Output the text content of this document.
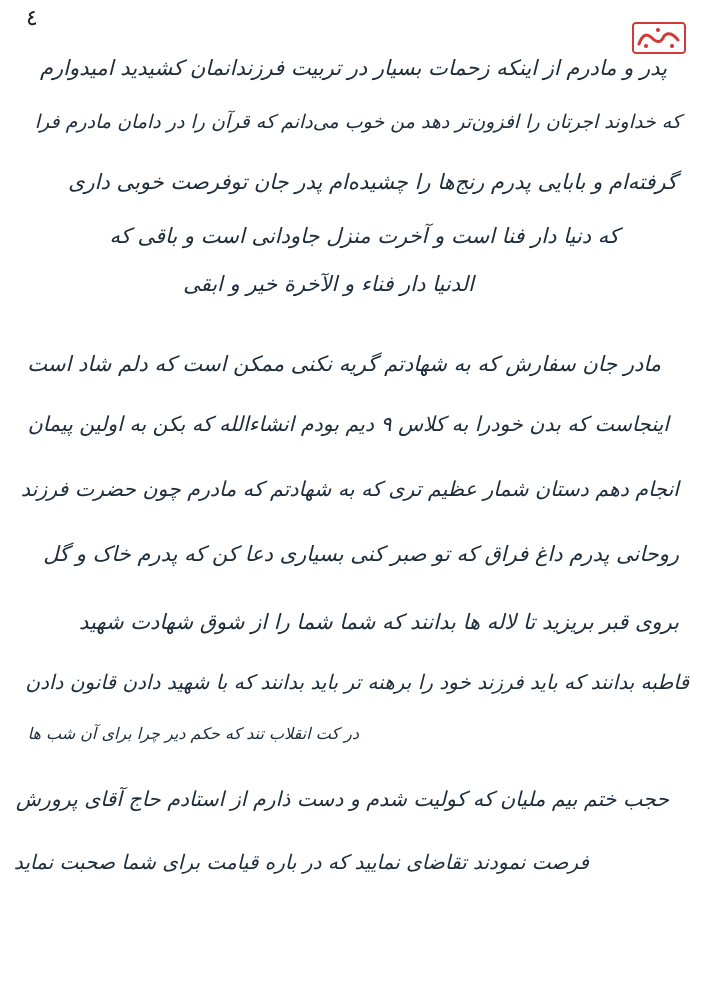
٤
پدر و مادرم از اینکه زحمات بسیار در تربیت فرزندانمان کشیدید امیدوارم
که خداوند اجرتان را افزون‌تر دهد من خوب می‌دانم که قرآن را در دامان مادرم فرا
گرفته‌ام و بابایی پدرم رنج‌ها را چشیده‌ام پدر جان توفرصت خوبی داری
که دنیا دار فنا است و آخرت منزل جاودانی است و باقی که
الدنیا دار فناء و الآخرة خیر و ابقی
مادر جان سفارش که به شهادتم گریه نکنی ممکن است که دلم شاد است
اینجاست که بدن خودرا به کلاس ۹ دیم بودم انشاءالله که بکن به اولین پیمان
انجام دهم دستان شمار عظیم تری که به شهادتم که مادرم چون حضرت فرزند
روحانی پدرم داغ فراق که تو صبر کنی بسیاری دعا کن که پدرم خاک و گل
بروی قبر بریزید تا لاله ها بدانند که شما شما را از شوق شهادت شهید
قاطبه بدانند که باید فرزند خود را برهنه تر باید بدانند که با شهید دادن قانون دادن
در کت انقلاب تند که حکم دیر چرا برای آن شب ها
حجب ختم بیم ملیان که کولیت شدم و دست ذارم از استادم حاج آقای پرورش
فرصت نمودند تقاضای نمایید که در باره قیامت برای شما صحبت نماید
